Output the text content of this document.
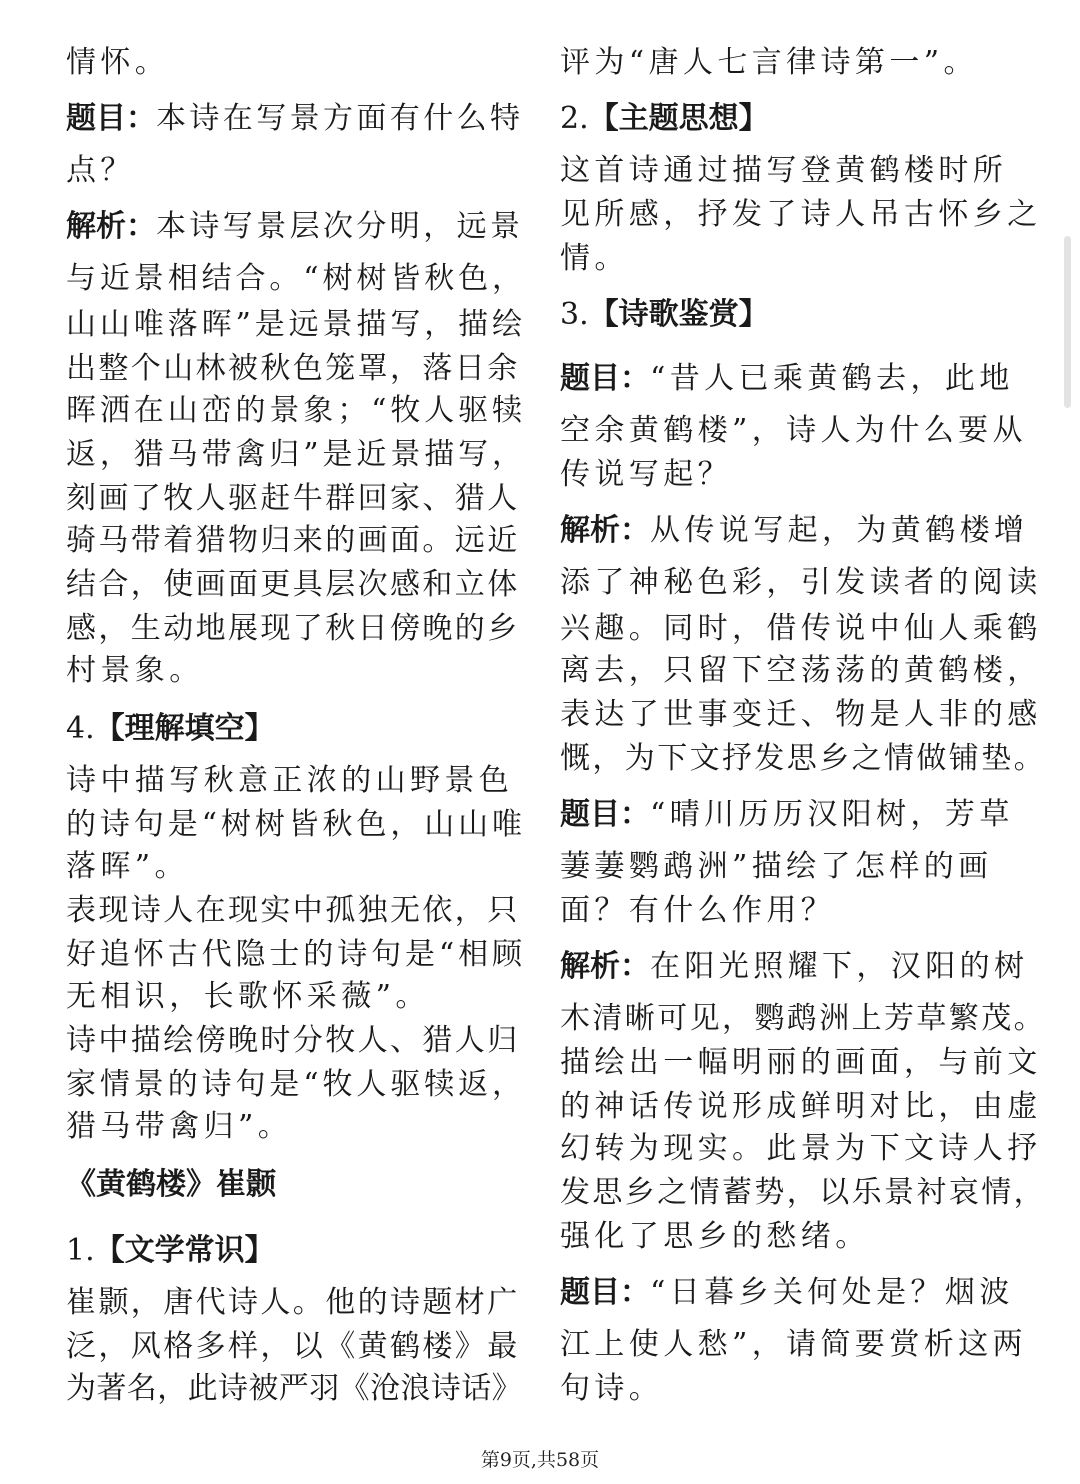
情怀。
题目：本诗在写景方面有什么特
点？
解析：本诗写景层次分明，远景
与近景相结合。“树树皆秋色，
山山唯落晖”是远景描写，描绘
出整个山林被秋色笼罩，落日余
晖洒在山峦的景象；“牧人驱犊
返，猎马带禽归”是近景描写，
刻画了牧人驱赶牛群回家、猎人
骑马带着猎物归来的画面。远近
结合，使画面更具层次感和立体
感，生动地展现了秋日傍晚的乡
村景象。
4.【理解填空】
诗中描写秋意正浓的山野景色
的诗句是“树树皆秋色，山山唯
落晖”。
表现诗人在现实中孤独无依，只
好追怀古代隐士的诗句是“相顾
无相识，长歌怀采薇”。
诗中描绘傍晚时分牧人、猎人归
家情景的诗句是“牧人驱犊返，
猎马带禽归”。
《黄鹤楼》崔颢
1.【文学常识】
崔颢，唐代诗人。他的诗题材广
泛，风格多样，以《黄鹤楼》最
为著名，此诗被严羽《沧浪诗话》
评为“唐人七言律诗第一”。
2.【主题思想】
这首诗通过描写登黄鹤楼时所
见所感，抒发了诗人吊古怀乡之
情。
3.【诗歌鉴赏】
题目：“昔人已乘黄鹤去，此地
空余黄鹤楼”，诗人为什么要从
传说写起？
解析：从传说写起，为黄鹤楼增
添了神秘色彩，引发读者的阅读
兴趣。同时，借传说中仙人乘鹤
离去，只留下空荡荡的黄鹤楼，
表达了世事变迁、物是人非的感
慨，为下文抒发思乡之情做铺垫。
题目：“晴川历历汉阳树，芳草
萋萋鹦鹉洲”描绘了怎样的画
面？有什么作用？
解析：在阳光照耀下，汉阳的树
木清晰可见，鹦鹉洲上芳草繁茂。
描绘出一幅明丽的画面，与前文
的神话传说形成鲜明对比，由虚
幻转为现实。此景为下文诗人抒
发思乡之情蓄势，以乐景衬哀情，
强化了思乡的愁绪。
题目：“日暮乡关何处是？烟波
江上使人愁”，请简要赏析这两
句诗。
第9页,共58页
